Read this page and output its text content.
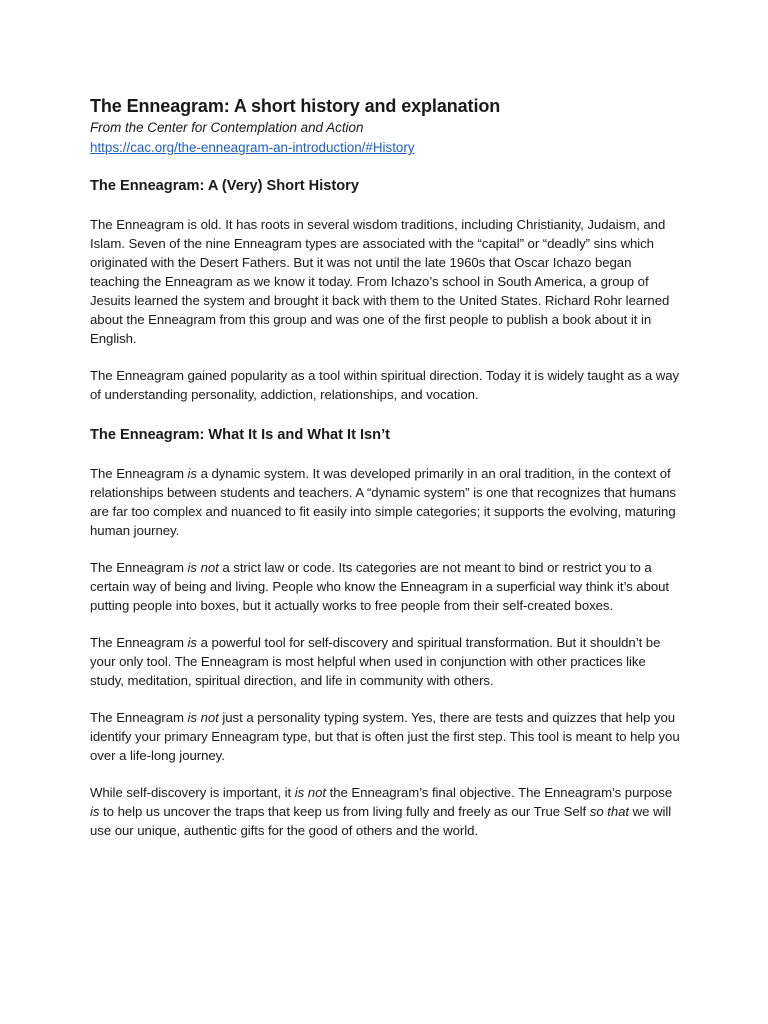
The Enneagram: A short history and explanation

From the Center for Contemplation and Action

https://cac.org/the-enneagram-an-introduction/#History
The Enneagram: A (Very) Short History

The Enneagram is old. It has roots in several wisdom traditions, including Christianity, Judaism, and Islam. Seven of the nine Enneagram types are associated with the “capital” or “deadly” sins which originated with the Desert Fathers. But it was not until the late 1960s that Oscar Ichazo began teaching the Enneagram as we know it today. From Ichazo’s school in South America, a group of Jesuits learned the system and brought it back with them to the United States. Richard Rohr learned about the Enneagram from this group and was one of the first people to publish a book about it in English.

The Enneagram gained popularity as a tool within spiritual direction. Today it is widely taught as a way of understanding personality, addiction, relationships, and vocation.

The Enneagram: What It Is and What It Isn’t

The Enneagram is a dynamic system. It was developed primarily in an oral tradition, in the context of relationships between students and teachers. A “dynamic system” is one that recognizes that humans are far too complex and nuanced to fit easily into simple categories; it supports the evolving, maturing human journey.

The Enneagram is not a strict law or code. Its categories are not meant to bind or restrict you to a certain way of being and living. People who know the Enneagram in a superficial way think it’s about putting people into boxes, but it actually works to free people from their self-created boxes.

The Enneagram is a powerful tool for self-discovery and spiritual transformation. But it shouldn’t be your only tool. The Enneagram is most helpful when used in conjunction with other practices like study, meditation, spiritual direction, and life in community with others.

The Enneagram is not just a personality typing system. Yes, there are tests and quizzes that help you identify your primary Enneagram type, but that is often just the first step. This tool is meant to help you over a life-long journey.

While self-discovery is important, it is not the Enneagram’s final objective. The Enneagram’s purpose is to help us uncover the traps that keep us from living fully and freely as our True Self so that we will use our unique, authentic gifts for the good of others and the world.
